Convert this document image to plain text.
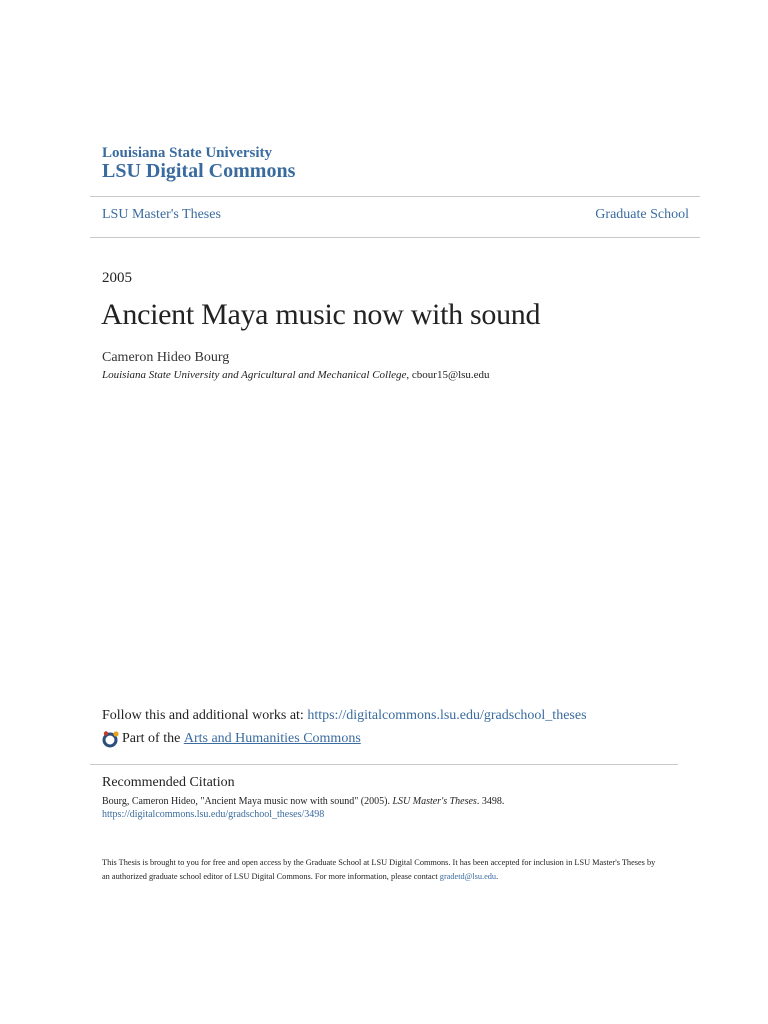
Louisiana State University
LSU Digital Commons
LSU Master's Theses	Graduate School
2005
Ancient Maya music now with sound
Cameron Hideo Bourg
Louisiana State University and Agricultural and Mechanical College, cbour15@lsu.edu
Follow this and additional works at: https://digitalcommons.lsu.edu/gradschool_theses
Part of the
Arts and Humanities Commons
Recommended Citation
Bourg, Cameron Hideo, "Ancient Maya music now with sound" (2005). LSU Master's Theses. 3498.
https://digitalcommons.lsu.edu/gradschool_theses/3498
This Thesis is brought to you for free and open access by the Graduate School at LSU Digital Commons. It has been accepted for inclusion in LSU Master's Theses by an authorized graduate school editor of LSU Digital Commons. For more information, please contact gradetd@lsu.edu.
